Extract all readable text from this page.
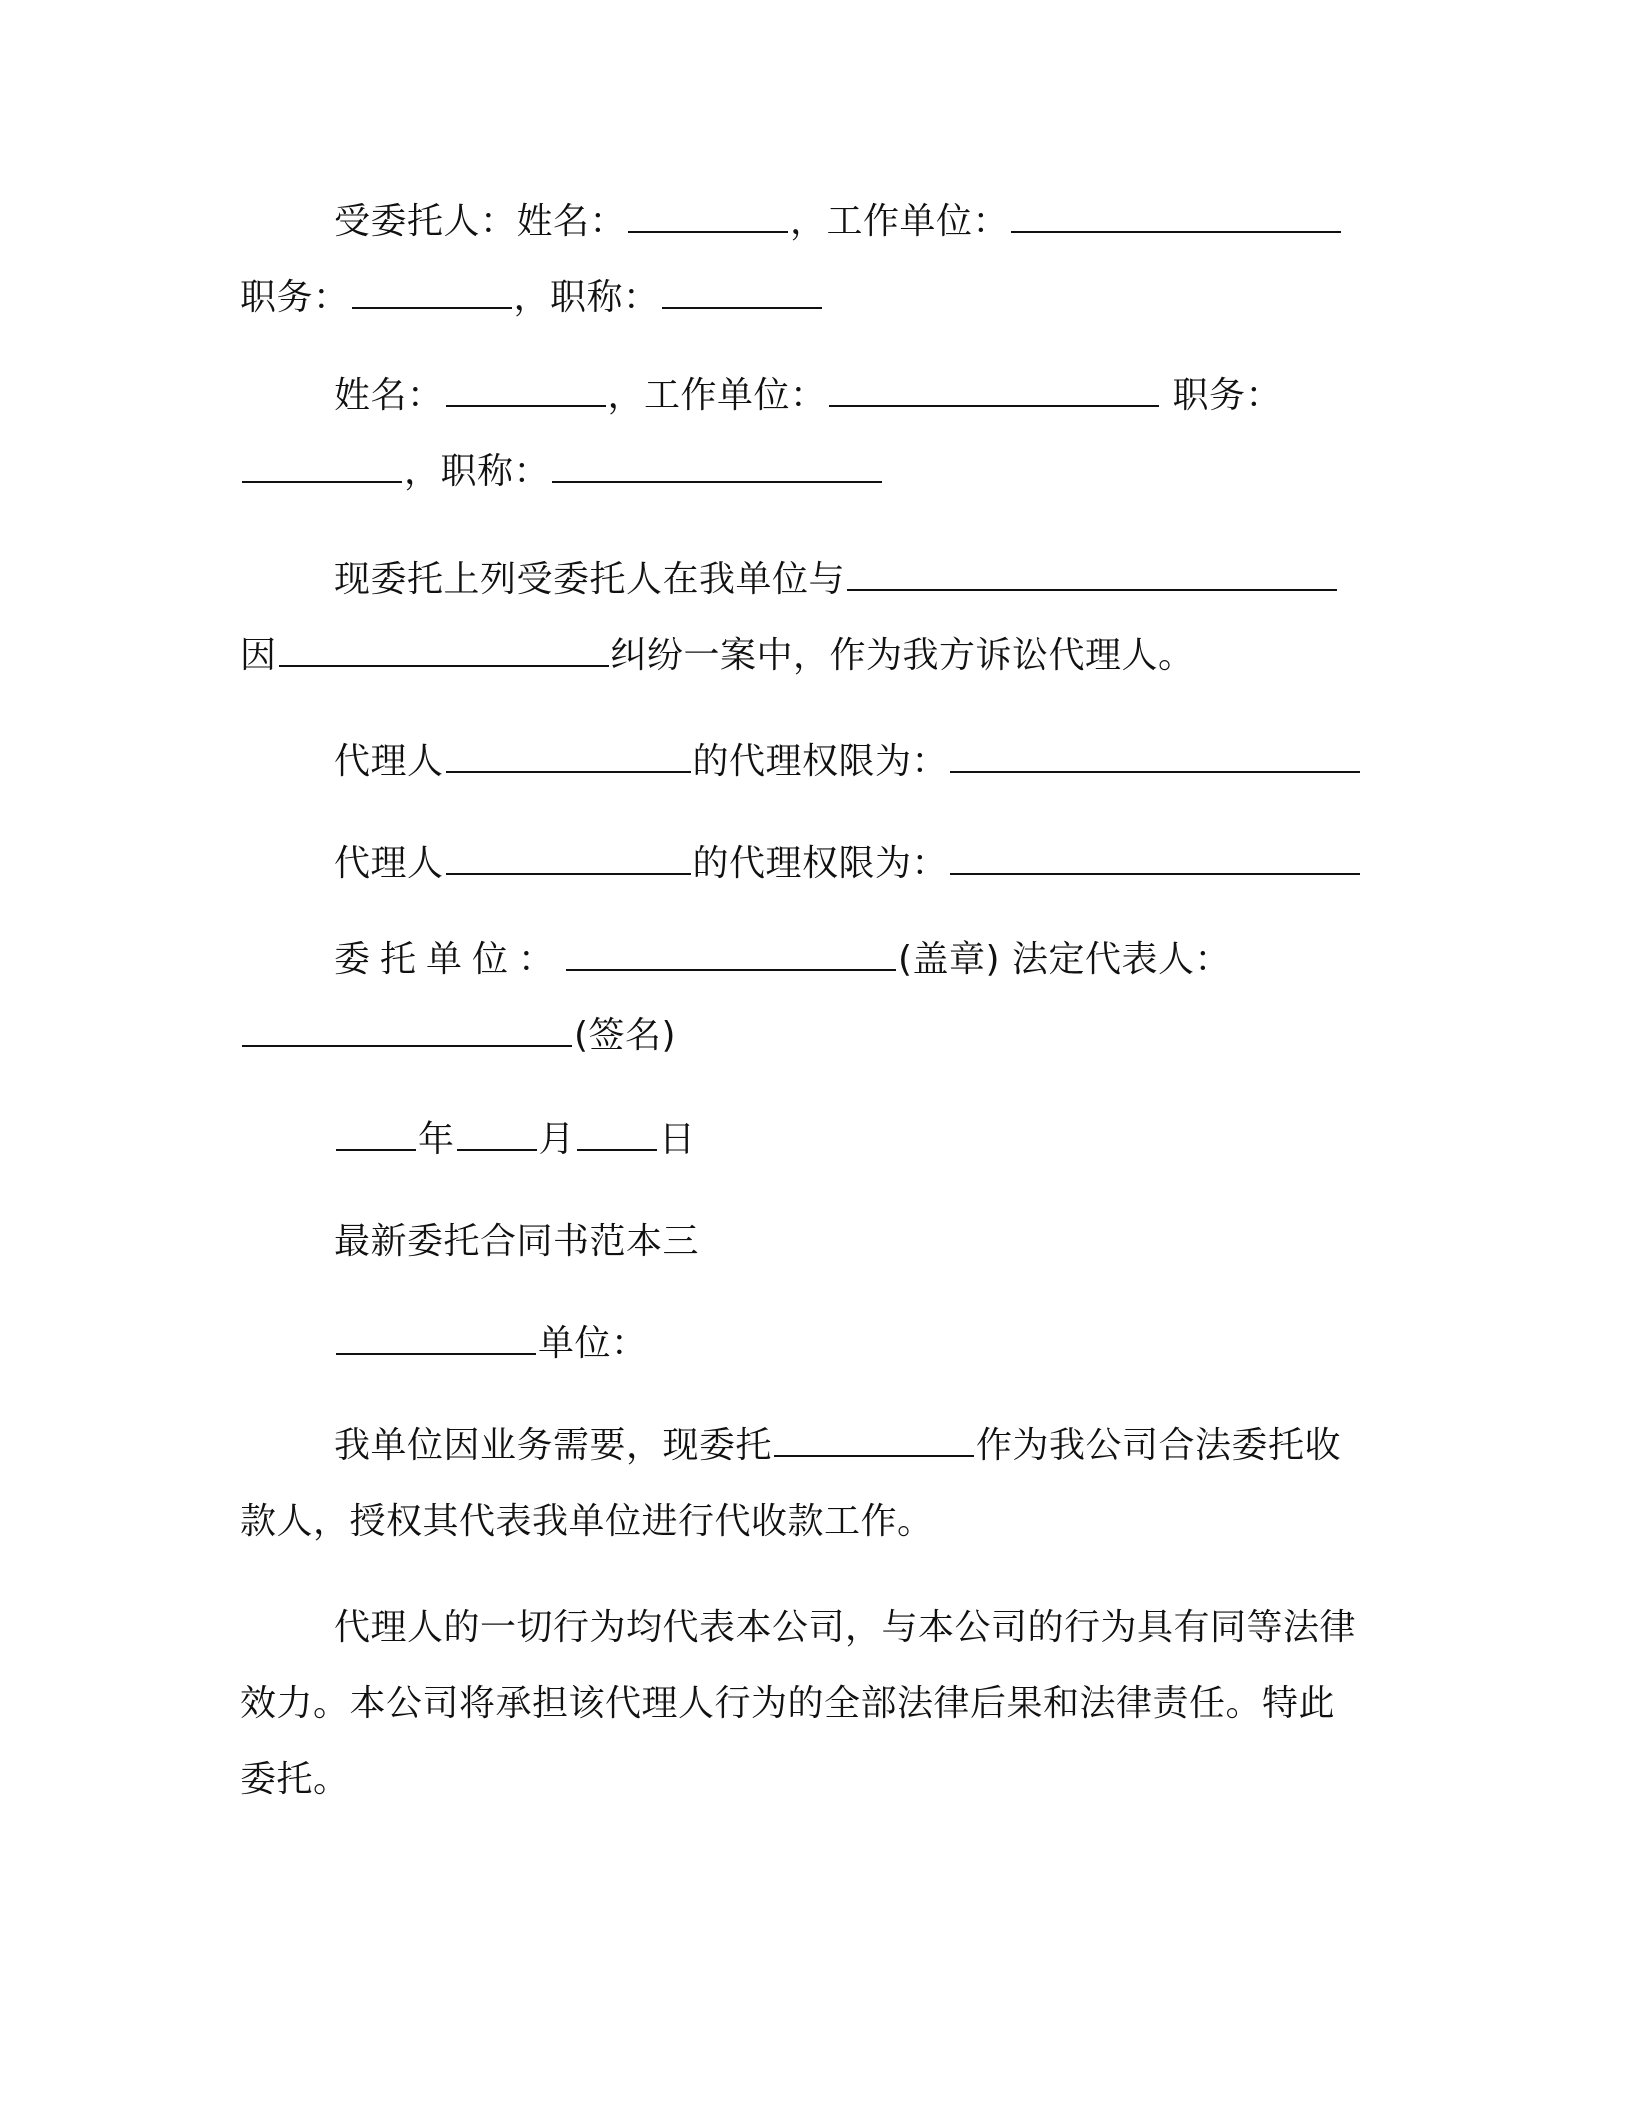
受委托人：姓名：	，工作单位：
职务：	，职称：
姓名：	，工作单位：	职务：
，职称：
现委托上列受委托人在我单位与
因	纠纷一案中，作为我方诉讼代理人。
代理人	的代理权限为：
代理人	的代理权限为：
委托单位：	(盖章) 法定代表人：
(签名)
年 月 日
最新委托合同书范本三
单位：
我单位因业务需要，现委托	作为我公司合法委托收
款人，授权其代表我单位进行代收款工作。
代理人的一切行为均代表本公司，与本公司的行为具有同等法律
效力。本公司将承担该代理人行为的全部法律后果和法律责任。特此
委托。
